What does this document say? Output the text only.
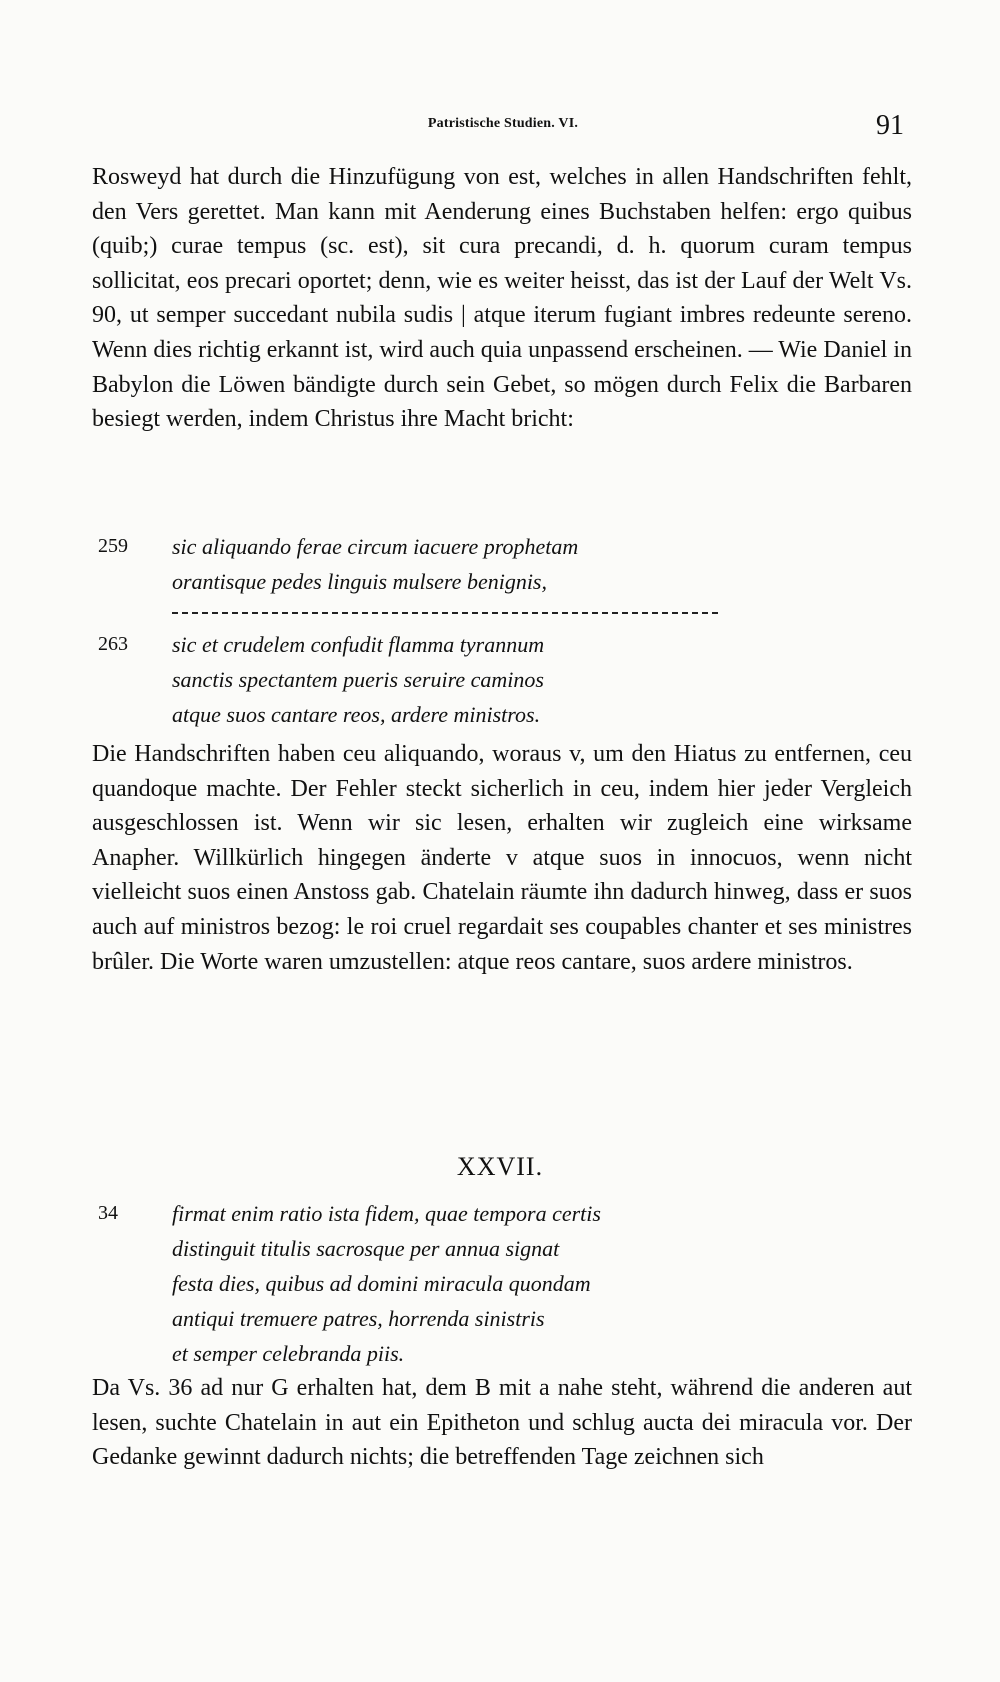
Patristische Studien. VI.	91

Rosweyd hat durch die Hinzufügung von est, welches in allen Handschriften fehlt, den Vers gerettet. Man kann mit Aenderung eines Buchstaben helfen: ergo quibus (quib;) curae tempus (sc. est), sit cura precandi, d. h. quorum curam tempus sollicitat, eos precari oportet; denn, wie es weiter heisst, das ist der Lauf der Welt Vs. 90, ut semper succedant nubila sudis | atque iterum fugiant imbres redeunte sereno. Wenn dies richtig erkannt ist, wird auch quia unpassend erscheinen. — Wie Daniel in Babylon die Löwen bändigte durch sein Gebet, so mögen durch Felix die Barbaren besiegt werden, indem Christus ihre Macht bricht:

259 sic aliquando ferae circum iacuere prophetam
orantisque pedes linguis mulsere benignis,
263 sic et crudelem confudit flamma tyrannum
sanctis spectantem pueris seruire caminos
atque suos cantare reos, ardere ministros.

Die Handschriften haben ceu aliquando, woraus v, um den Hiatus zu entfernen, ceu quandoque machte. Der Fehler steckt sicherlich in ceu, indem hier jeder Vergleich ausgeschlossen ist. Wenn wir sic lesen, erhalten wir zugleich eine wirksame Anapher. Willkürlich hingegen änderte v atque suos in innocuos, wenn nicht vielleicht suos einen Anstoss gab. Chatelain räumte ihn dadurch hinweg, dass er suos auch auf ministros bezog: le roi cruel regardait ses coupables chanter et ses ministres brûler. Die Worte waren umzustellen: atque reos cantare, suos ardere ministros.

XXVII.
34 firmat enim ratio ista fidem, quae tempora certis
distinguit titulis sacrosque per annua signat
festa dies, quibus ad domini miracula quondam
antiqui tremuere patres, horrenda sinistris
et semper celebranda piis.

Da Vs. 36 ad nur G erhalten hat, dem B mit a nahe steht, während die anderen aut lesen, suchte Chatelain in aut ein Epitheton und schlug aucta dei miracula vor. Der Gedanke gewinnt dadurch nichts; die betreffenden Tage zeichnen sich
